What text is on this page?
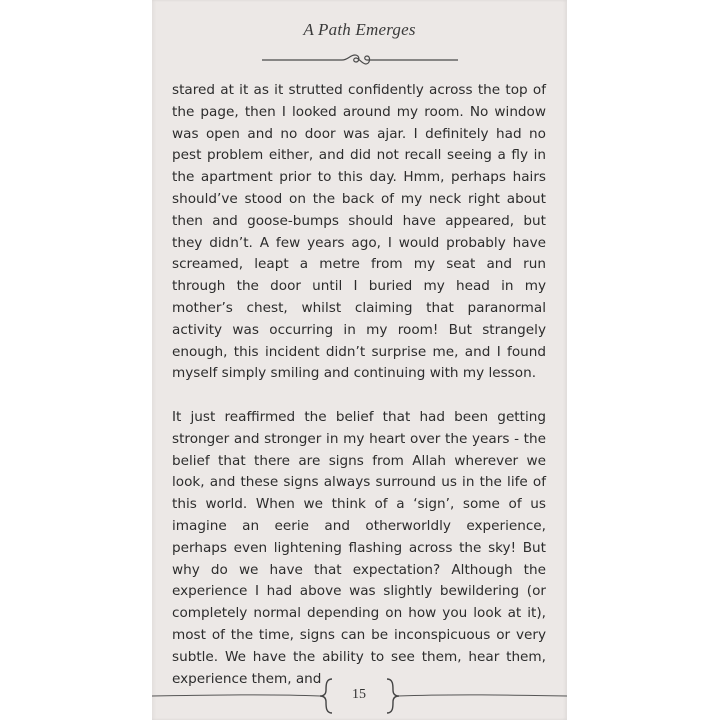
A Path Emerges

stared at it as it strutted confidently across the top of the page, then I looked around my room. No window was open and no door was ajar. I definitely had no pest problem either, and did not recall seeing a fly in the apartment prior to this day. Hmm, perhaps hairs should’ve stood on the back of my neck right about then and goose-bumps should have appeared, but they didn’t. A few years ago, I would probably have screamed, leapt a metre from my seat and run through the door until I buried my head in my mother’s chest, whilst claiming that paranormal activity was occurring in my room! But strangely enough, this incident didn’t surprise me, and I found myself simply smiling and continuing with my lesson.

It just reaffirmed the belief that had been getting stronger and stronger in my heart over the years - the belief that there are signs from Allah wherever we look, and these signs always surround us in the life of this world. When we think of a ‘sign’, some of us imagine an eerie and otherworldly experience, perhaps even lightening flashing across the sky! But why do we have that expectation? Although the experience I had above was slightly bewildering (or completely normal depending on how you look at it), most of the time, signs can be inconspicuous or very subtle. We have the ability to see them, hear them, experience them, and

15
